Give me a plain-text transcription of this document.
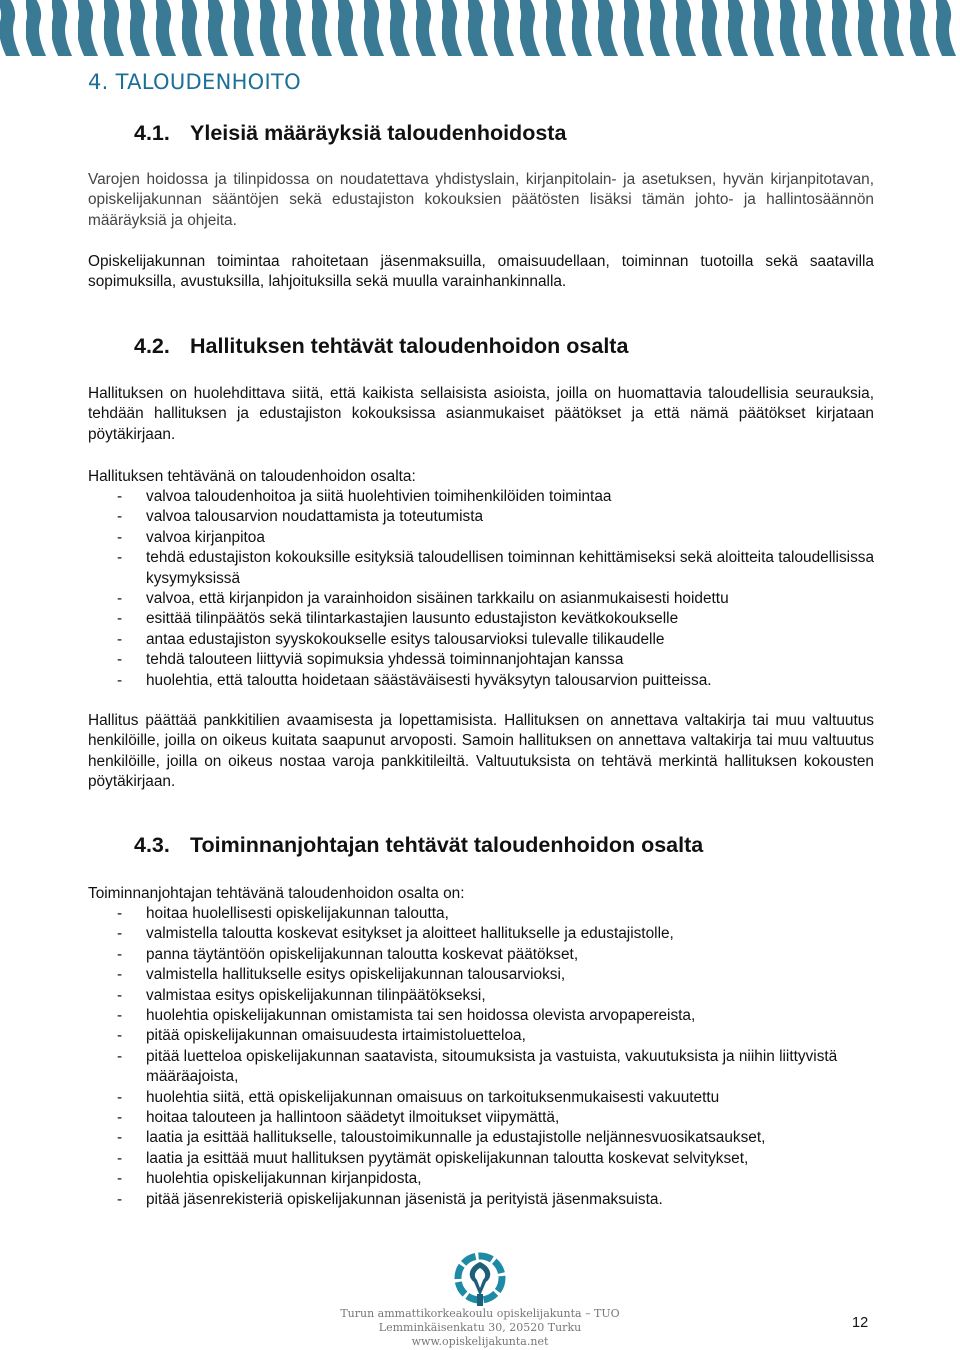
4. TALOUDENHOITO
4.1. Yleisiä määräyksiä taloudenhoidosta

Varojen hoidossa ja tilinpidossa on noudatettava yhdistyslain, kirjanpitolain- ja asetuksen, hyvän kirjanpitotavan, opiskelijakunnan sääntöjen sekä edustajiston kokouksien päätösten lisäksi tämän johto- ja hallintosäännön määräyksiä ja ohjeita.

Opiskelijakunnan toimintaa rahoitetaan jäsenmaksuilla, omaisuudellaan, toiminnan tuotoilla sekä saatavilla sopimuksilla, avustuksilla, lahjoituksilla sekä muulla varainhankinnalla.

4.2. Hallituksen tehtävät taloudenhoidon osalta

Hallituksen on huolehdittava siitä, että kaikista sellaisista asioista, joilla on huomattavia taloudellisia seurauksia, tehdään hallituksen ja edustajiston kokouksissa asianmukaiset päätökset ja että nämä päätökset kirjataan pöytäkirjaan.

Hallituksen tehtävänä on taloudenhoidon osalta:

- valvoa taloudenhoitoa ja siitä huolehtivien toimihenkilöiden toimintaa
- valvoa talousarvion noudattamista ja toteutumista
- valvoa kirjanpitoa
- tehdä edustajiston kokouksille esityksiä taloudellisen toiminnan kehittämiseksi sekä aloitteita taloudellisissa kysymyksissä
- valvoa, että kirjanpidon ja varainhoidon sisäinen tarkkailu on asianmukaisesti hoidettu
- esittää tilinpäätös sekä tilintarkastajien lausunto edustajiston kevätkokoukselle
- antaa edustajiston syyskokoukselle esitys talousarvioksi tulevalle tilikaudelle
- tehdä talouteen liittyviä sopimuksia yhdessä toiminnanjohtajan kanssa
- huolehtia, että taloutta hoidetaan säästäväisesti hyväksytyn talousarvion puitteissa.

Hallitus päättää pankkitilien avaamisesta ja lopettamisista. Hallituksen on annettava valtakirja tai muu valtuutus henkilöille, joilla on oikeus kuitata saapunut arvoposti. Samoin hallituksen on annettava valtakirja tai muu valtuutus henkilöille, joilla on oikeus nostaa varoja pankkitileiltä. Valtuutuksista on tehtävä merkintä hallituksen kokousten pöytäkirjaan.

4.3. Toiminnanjohtajan tehtävät taloudenhoidon osalta

Toiminnanjohtajan tehtävänä taloudenhoidon osalta on:

- hoitaa huolellisesti opiskelijakunnan taloutta,
- valmistella taloutta koskevat esitykset ja aloitteet hallitukselle ja edustajistolle,
- panna täytäntöön opiskelijakunnan taloutta koskevat päätökset,
- valmistella hallitukselle esitys opiskelijakunnan talousarvioksi,
- valmistaa esitys opiskelijakunnan tilinpäätökseksi,
- huolehtia opiskelijakunnan omistamista tai sen hoidossa olevista arvopapereista,
- pitää opiskelijakunnan omaisuudesta irtaimistoluetteloa,
- pitää luetteloa opiskelijakunnan saatavista, sitoumuksista ja vastuista, vakuutuksista ja niihin liittyvistä määräajoista,
- huolehtia siitä, että opiskelijakunnan omaisuus on tarkoituksenmukaisesti vakuutettu
- hoitaa talouteen ja hallintoon säädetyt ilmoitukset viipymättä,
- laatia ja esittää hallitukselle, taloustoimikunnalle ja edustajistolle neljännesvuosikatsaukset,
- laatia ja esittää muut hallituksen pyytämät opiskelijakunnan taloutta koskevat selvitykset,
- huolehtia opiskelijakunnan kirjanpidosta,
- pitää jäsenrekisteriä opiskelijakunnan jäsenistä ja perityistä jäsenmaksuista.
Turun ammattikorkeakoulu opiskelijakunta – TUO
Lemminkäisenkatu 30, 20520 Turku
www.opiskelijakunta.net
12
